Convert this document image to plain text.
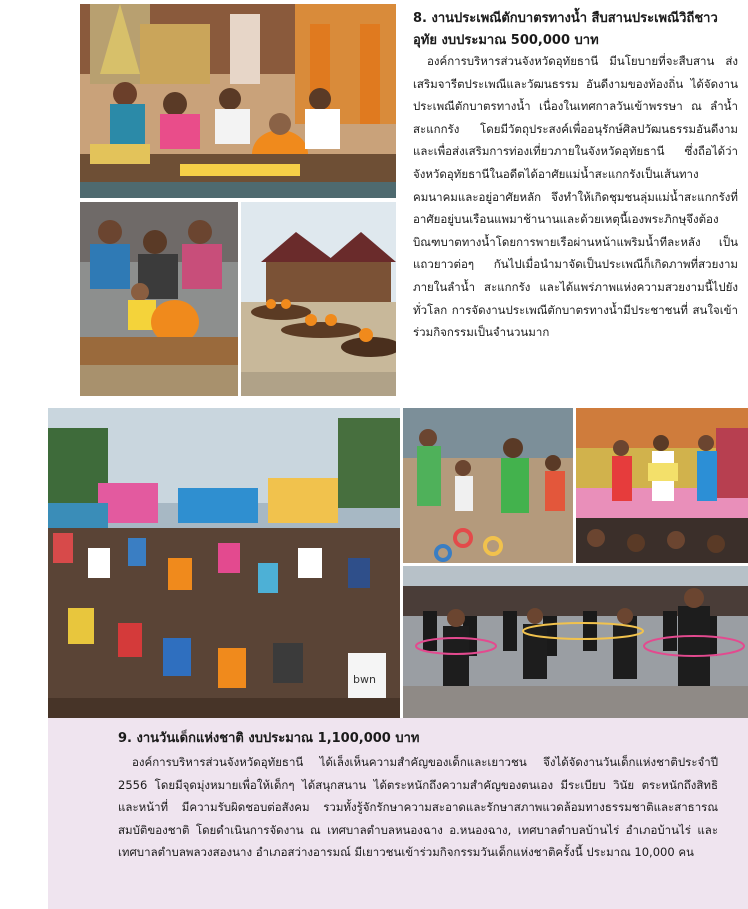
8. งานประเพณีตักบาตรทางน้ำ สืบสานประเพณีวิถีชาวอุทัย งบประมาณ 500,000 บาท
องค์การบริหารส่วนจังหวัดอุทัยธานี มีนโยบายที่จะสืบสาน ส่งเสริมจารีตประเพณีและวัฒนธรรม อันดีงามของท้องถิ่น ได้จัดงานประเพณีตักบาตรทางน้ำ เนื่องในเทศกาลวันเข้าพรรษา ณ ลำน้ำสะแกกรัง โดยมีวัตถุประสงค์เพื่ออนุรักษ์ศิลปวัฒนธรรมอันดีงามและเพื่อส่งเสริมการท่องเที่ยวภายในจังหวัดอุทัยธานี ซึ่งถือได้ว่าจังหวัดอุทัยธานีในอดีตได้อาศัยแม่น้ำสะแกกรังเป็นเส้นทางคมนาคมและอยู่อาศัยหลัก จึงทำให้เกิดชุมชนลุ่มแม่น้ำสะแกกรังที่อาศัยอยู่บนเรือนแพมาช้านานและด้วยเหตุนี้เองพระภิกษุจึงต้องบิณฑบาตทางน้ำโดยการพายเรือผ่านหน้าแพริมน้ำทีละหลัง เป็นแถวยาวต่อๆ กันไปเมื่อนำมาจัดเป็นประเพณีก็เกิดภาพที่สวยงามภายในลำน้ำ สะแกกรัง และได้แพร่ภาพแห่งความสวยงามนี้ไปยังทั่วโลก การจัดงานประเพณีตักบาตรทางน้ำมีประชาชนที่ สนใจเข้าร่วมกิจกรรมเป็นจำนวนมาก
bwn
9. งานวันเด็กแห่งชาติ งบประมาณ 1,100,000 บาท
องค์การบริหารส่วนจังหวัดอุทัยธานี ได้เล็งเห็นความสำคัญของเด็กและเยาวชน จึงได้จัดงานวันเด็กแห่งชาติประจำปี 2556 โดยมีจุดมุ่งหมายเพื่อให้เด็กๆ ได้สนุกสนาน ได้ตระหนักถึงความสำคัญของตนเอง มีระเบียบ วินัย ตระหนักถึงสิทธิ และหน้าที่ มีความรับผิดชอบต่อสังคม รวมทั้งรู้จักรักษาความสะอาดและรักษาสภาพแวดล้อมทางธรรมชาติและสาธารณสมบัติของชาติ โดยดำเนินการจัดงาน ณ เทศบาลตำบลหนองฉาง อ.หนองฉาง, เทศบาลตำบลบ้านไร่ อำเภอบ้านไร่ และเทศบาลตำบลพลวงสองนาง อำเภอสว่างอารมณ์ มีเยาวชนเข้าร่วมกิจกรรมวันเด็กแห่งชาติครั้งนี้ ประมาณ 10,000 คน
